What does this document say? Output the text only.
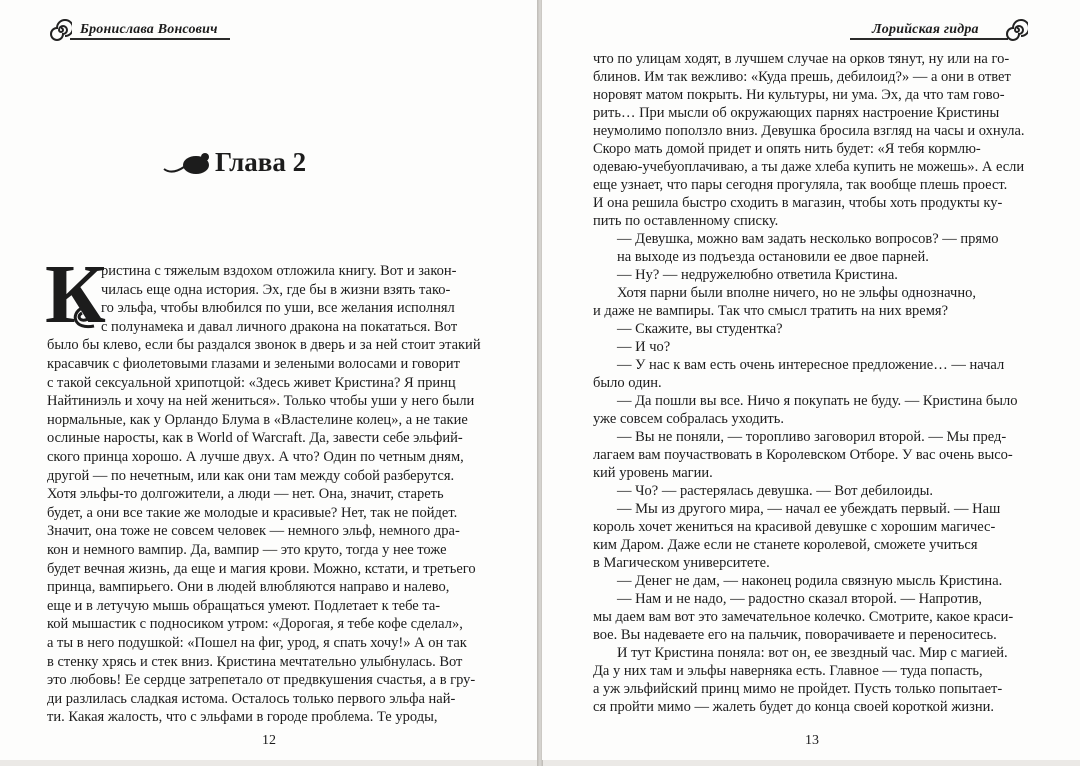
Бронислава Вонсович
Глава 2
К
ристина с тяжелым вздохом отложила книгу. Вот и закон-
чилась еще одна история. Эх, где бы в жизни взять тако-
го эльфа, чтобы влюбился по уши, все желания исполнял
с полунамека и давал личного дракона на покататься. Вот
было бы клево, если бы раздался звонок в дверь и за ней стоит этакий
красавчик с фиолетовыми глазами и зелеными волосами и говорит
с такой сексуальной хрипотцой: «Здесь живет Кристина? Я принц
Найтиниэль и хочу на ней жениться». Только чтобы уши у него были
нормальные, как у Орландо Блума в «Властелине колец», а не такие
ослиные наросты, как в World of Warcraft. Да, завести себе эльфий-
ского принца хорошо. А лучше двух. А что? Один по четным дням,
другой — по нечетным, или как они там между собой разберутся.
Хотя эльфы-то долгожители, а люди — нет. Она, значит, стареть
будет, а они все такие же молодые и красивые? Нет, так не пойдет.
Значит, она тоже не совсем человек — немного эльф, немного дра-
кон и немного вампир. Да, вампир — это круто, тогда у нее тоже
будет вечная жизнь, да еще и магия крови. Можно, кстати, и третьего
принца, вампирьего. Они в людей влюбляются направо и налево,
еще и в летучую мышь обращаться умеют. Подлетает к тебе та-
кой мышастик с подносиком утром: «Дорогая, я тебе кофе сделал»,
а ты в него подушкой: «Пошел на фиг, урод, я спать хочу!» А он так
в стенку хрясь и стек вниз. Кристина мечтательно улыбнулась. Вот
это любовь! Ее сердце затрепетало от предвкушения счастья, а в гру-
ди разлилась сладкая истома. Осталось только первого эльфа най-
ти. Какая жалость, что с эльфами в городе проблема. Те уроды,
12
Лорийская гидра
что по улицам ходят, в лучшем случае на орков тянут, ну или на го-
блинов. Им так вежливо: «Куда прешь, дебилоид?» — а они в ответ
норовят матом покрыть. Ни культуры, ни ума. Эх, да что там гово-
рить… При мысли об окружающих парнях настроение Кристины
неумолимо поползло вниз. Девушка бросила взгляд на часы и охнула.
Скоро мать домой придет и опять нить будет: «Я тебя кормлю-
одеваю-учебуоплачиваю, а ты даже хлеба купить не можешь». А если
еще узнает, что пары сегодня прогуляла, так вообще плешь проест.
И она решила быстро сходить в магазин, чтобы хоть продукты ку-
пить по оставленному списку.
— Девушка, можно вам задать несколько вопросов? — прямо
на выходе из подъезда остановили ее двое парней.
— Ну? — недружелюбно ответила Кристина.
Хотя парни были вполне ничего, но не эльфы однозначно,
и даже не вампиры. Так что смысл тратить на них время?
— Скажите, вы студентка?
— И чо?
— У нас к вам есть очень интересное предложение… — начал
было один.
— Да пошли вы все. Ничо я покупать не буду. — Кристина было
уже совсем собралась уходить.
— Вы не поняли, — торопливо заговорил второй. — Мы пред-
лагаем вам поучаствовать в Королевском Отборе. У вас очень высо-
кий уровень магии.
— Чо? — растерялась девушка. — Вот дебилоиды.
— Мы из другого мира, — начал ее убеждать первый. — Наш
король хочет жениться на красивой девушке с хорошим магичес-
ким Даром. Даже если не станете королевой, сможете учиться
в Магическом университете.
— Денег не дам, — наконец родила связную мысль Кристина.
— Нам и не надо, — радостно сказал второй. — Напротив,
мы даем вам вот это замечательное колечко. Смотрите, какое краси-
вое. Вы надеваете его на пальчик, поворачиваете и переноситесь.
И тут Кристина поняла: вот он, ее звездный час. Мир с магией.
Да у них там и эльфы наверняка есть. Главное — туда попасть,
а уж эльфийский принц мимо не пройдет. Пусть только попытает-
ся пройти мимо — жалеть будет до конца своей короткой жизни.
13
